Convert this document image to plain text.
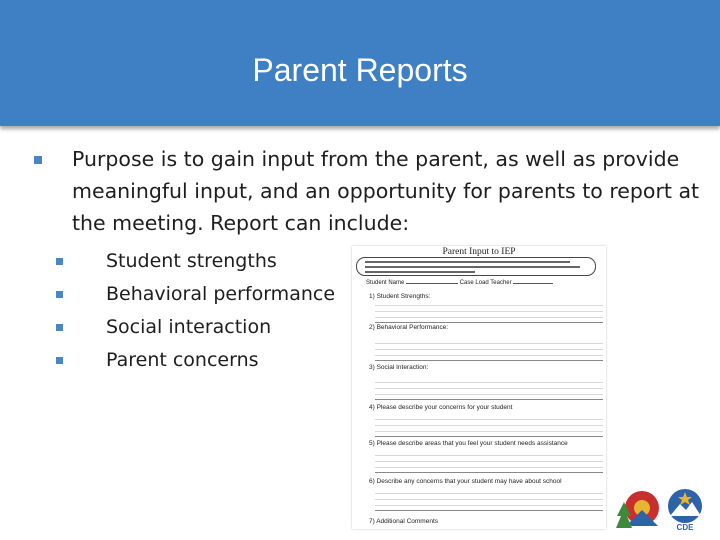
Parent Reports
Purpose is to gain input from the parent, as well as provide meaningful input, and an opportunity for parents to report at the meeting. Report can include:
Student strengths
Behavioral performance
Social interaction
Parent concerns
Parent Input to IEP
Student Name	Case Load Teacher
1) Student Strengths:
2) Behavioral Performance:
3) Social Interaction:
4) Please describe your concerns for your student
5) Please describe areas that you feel your student needs assistance
6) Describe any concerns that your student may have about school
7) Additional Comments
CDE
